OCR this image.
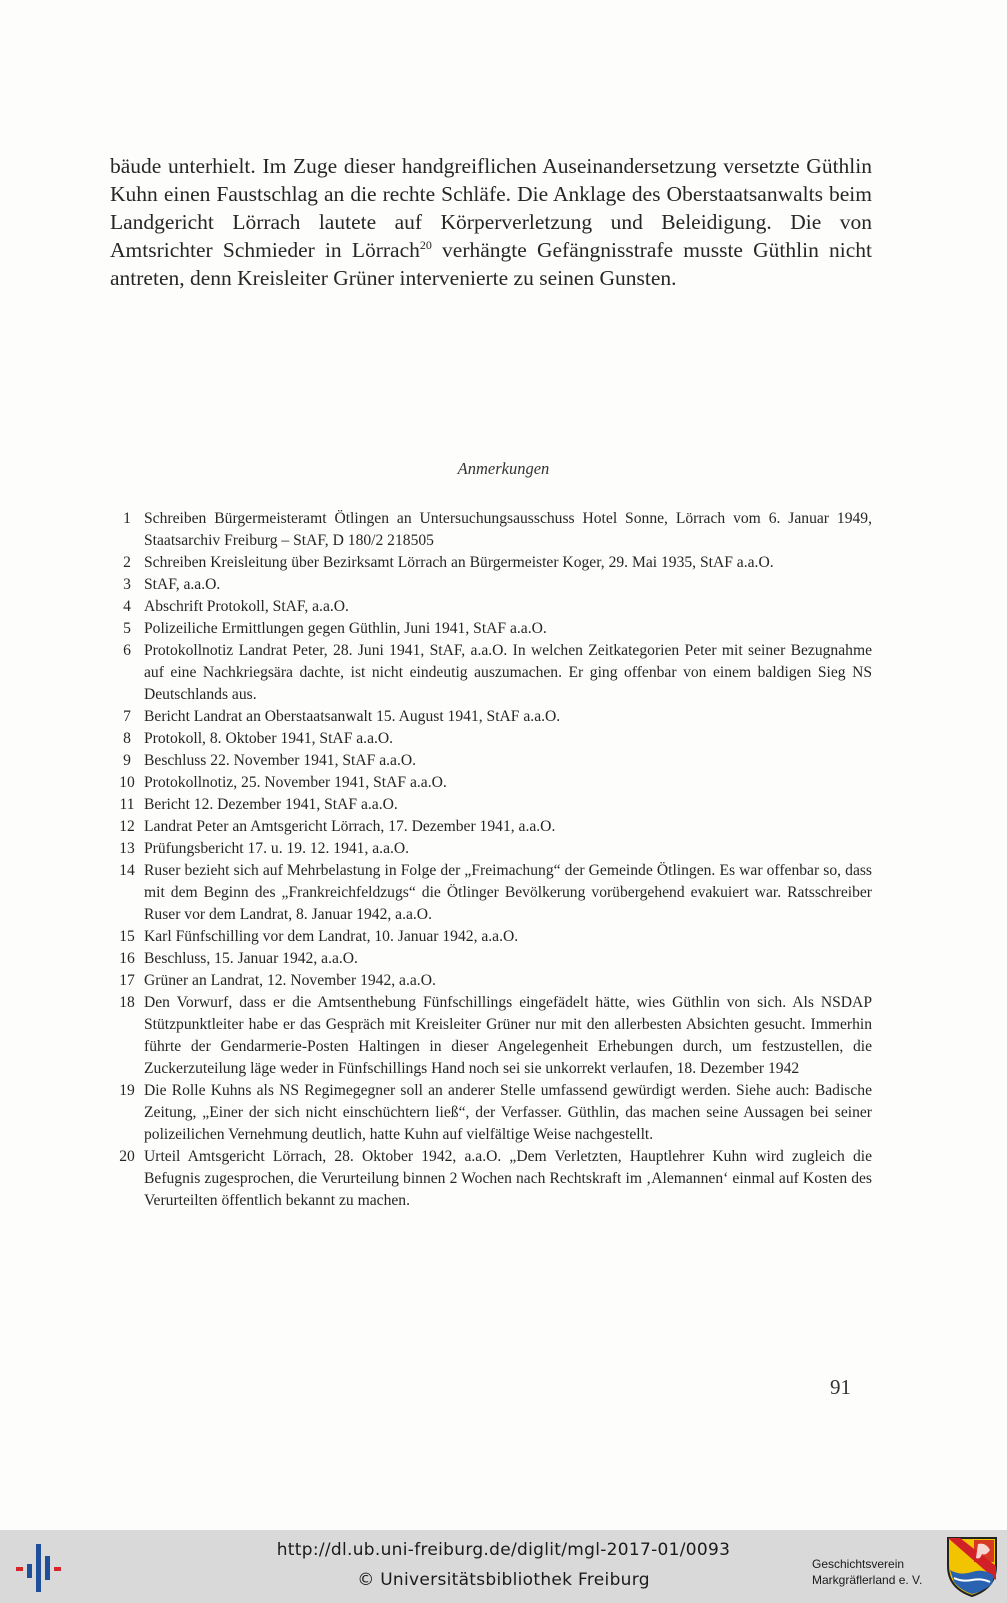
bäude unterhielt. Im Zuge dieser handgreiflichen Auseinandersetzung versetzte Güthlin Kuhn einen Faustschlag an die rechte Schläfe. Die Anklage des Oberstaatsanwalts beim Landgericht Lörrach lautete auf Körperverletzung und Beleidigung. Die von Amtsrichter Schmieder in Lörrach$^{20}$ verhängte Gefängnisstrafe musste Güthlin nicht antreten, denn Kreisleiter Grüner intervenierte zu seinen Gunsten.

Anmerkungen

1 Schreiben Bürgermeisteramt Ötlingen an Untersuchungsausschuss Hotel Sonne, Lörrach vom 6. Januar 1949, Staatsarchiv Freiburg – StAF, D 180/2 218505
2 Schreiben Kreisleitung über Bezirksamt Lörrach an Bürgermeister Koger, 29. Mai 1935, StAF a.a.O.
3 StAF, a.a.O.
4 Abschrift Protokoll, StAF, a.a.O.
5 Polizeiliche Ermittlungen gegen Güthlin, Juni 1941, StAF a.a.O.
6 Protokollnotiz Landrat Peter, 28. Juni 1941, StAF, a.a.O. In welchen Zeitkategorien Peter mit seiner Bezugnahme auf eine Nachkriegsära dachte, ist nicht eindeutig auszumachen. Er ging offenbar von einem baldigen Sieg NS Deutschlands aus.
7 Bericht Landrat an Oberstaatsanwalt 15. August 1941, StAF a.a.O.
8 Protokoll, 8. Oktober 1941, StAF a.a.O.
9 Beschluss 22. November 1941, StAF a.a.O.
10 Protokollnotiz, 25. November 1941, StAF a.a.O.
11 Bericht 12. Dezember 1941, StAF a.a.O.
12 Landrat Peter an Amtsgericht Lörrach, 17. Dezember 1941, a.a.O.
13 Prüfungsbericht 17. u. 19. 12. 1941, a.a.O.
14 Ruser bezieht sich auf Mehrbelastung in Folge der „Freimachung“ der Gemeinde Ötlingen. Es war offenbar so, dass mit dem Beginn des „Frankreichfeldzugs“ die Ötlinger Bevölkerung vorübergehend evakuiert war. Ratsschreiber Ruser vor dem Landrat, 8. Januar 1942, a.a.O.
15 Karl Fünfschilling vor dem Landrat, 10. Januar 1942, a.a.O.
16 Beschluss, 15. Januar 1942, a.a.O.
17 Grüner an Landrat, 12. November 1942, a.a.O.
18 Den Vorwurf, dass er die Amtsenthebung Fünfschillings eingefädelt hätte, wies Güthlin von sich. Als NSDAP Stützpunktleiter habe er das Gespräch mit Kreisleiter Grüner nur mit den allerbesten Absichten gesucht. Immerhin führte der Gendarmerie-Posten Haltingen in dieser Angelegenheit Erhebungen durch, um festzustellen, die Zuckerzuteilung läge weder in Fünfschillings Hand noch sei sie unkorrekt verlaufen, 18. Dezember 1942
19 Die Rolle Kuhns als NS Regimegegner soll an anderer Stelle umfassend gewürdigt werden. Siehe auch: Badische Zeitung, „Einer der sich nicht einschüchtern ließ“, der Verfasser. Güthlin, das machen seine Aussagen bei seiner polizeilichen Vernehmung deutlich, hatte Kuhn auf vielfältige Weise nachgestellt.
20 Urteil Amtsgericht Lörrach, 28. Oktober 1942, a.a.O. „Dem Verletzten, Hauptlehrer Kuhn wird zugleich die Befugnis zugesprochen, die Verurteilung binnen 2 Wochen nach Rechtskraft im ‚Alemannen‘ einmal auf Kosten des Verurteilten öffentlich bekannt zu machen.

91

http://dl.ub.uni-freiburg.de/diglit/mgl-2017-01/0093
© Universitätsbibliothek Freiburg
Geschichtsverein
Markgräflerland e. V.
